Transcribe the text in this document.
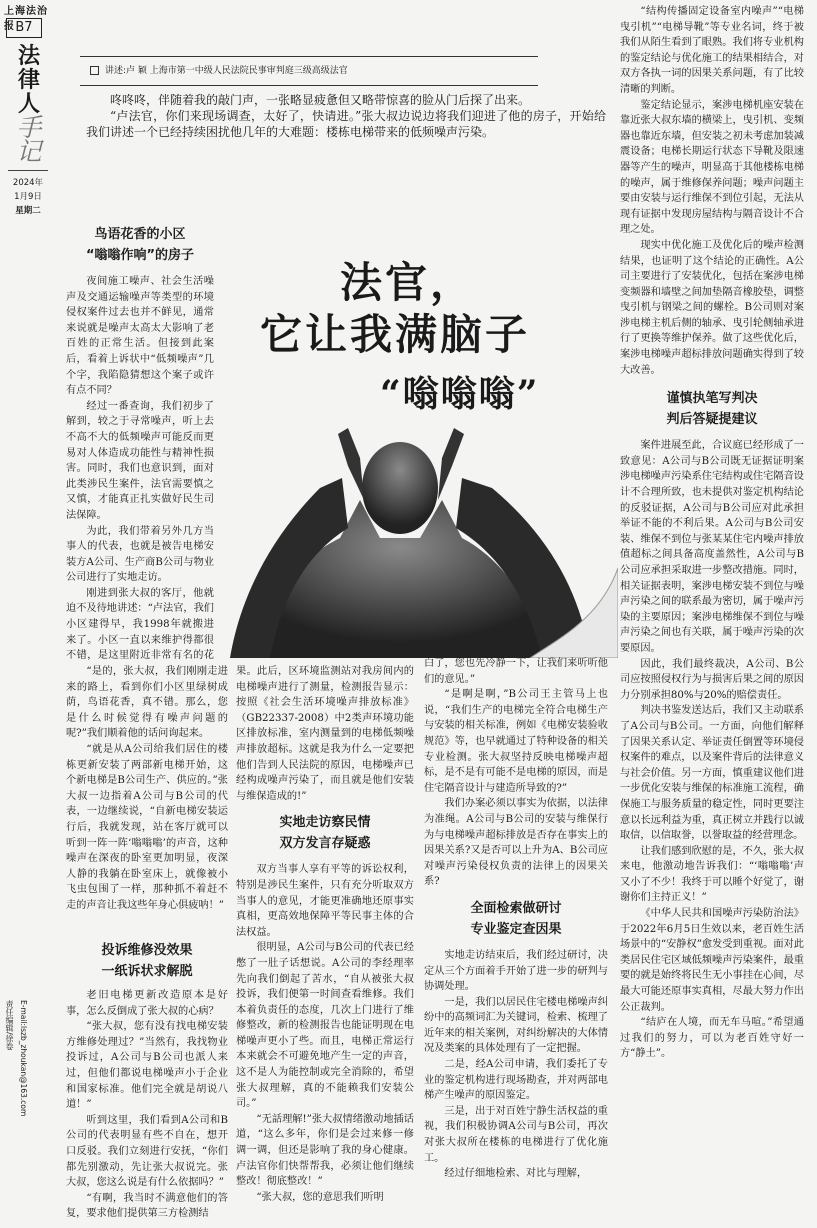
上海法治报 B7
法
律
人
手
记
2024年
1月9日
星期二
责任编辑/徐卷 E-mail:lszb_zhoukan@163.com
讲述:卢 颖 上海市第一中级人民法院民事审判庭三级高级法官

咚咚咚，伴随着我的敲门声，一张略显疲惫但又略带惊喜的脸从门后探了出来。

“卢法官，你们来现场调查，太好了，快请进。”张大叔边说边将我们迎进了他的房子，开始给我们讲述一个已经持续困扰他几年的大难题：楼栋电梯带来的低频噪声污染。

法官，
它让我满脑子
“嗡嗡嗡”

鸟语花香的小区

“嗡嗡作响”的房子

夜间施工噪声、社会生活噪声及交通运输噪声等类型的环境侵权案件过去也并不鲜见，通常来说就是噪声太高太大影响了老百姓的正常生活。但接到此案后，看着上诉状中“低频噪声”几个字，我陷隐猜想这个案子或许有点不同？

经过一番查询，我们初步了解到，较之于寻常噪声，听上去不高不大的低频噪声可能反而更易对人体造成功能性与精神性损害。同时，我们也意识到，面对此类涉民生案件，法官需要慎之又慎，才能真正扎实做好民生司法保障。

为此，我们带着另外几方当事人的代表，也就是被告电梯安装方A公司、生产商B公司与物业公司进行了实地走访。

刚进到张大叔的客厅，他就迫不及待地讲述：“卢法官，我们小区建得早，我1998年就搬进来了。小区一直以来维护得都很不错，是这里附近非常有名的花

“是的，张大叔，我们刚刚走进来的路上，看到你们小区里绿树成荫，鸟语花香，真不错。那么，您是什么时候觉得有噪声问题的呢?”我们顺着他的话问询起来。

“就是从A公司给我们居住的楼栋更新安装了两部新电梯开始，这个新电梯是B公司生产、供应的。”张大叔一边指着A公司与B公司的代表，一边继续说，“自新电梯安装运行后，我就发现，站在客厅就可以听到一阵一阵‘嗡嗡嗡’的声音，这种噪声在深夜的卧室更加明显，夜深人静的我躺在卧室床上，就像被小飞虫包围了一样，那种抓不着赶不走的声音让我这些年身心俱疲呐！”

投诉维修没效果

一纸诉状求解脱

老旧电梯更新改造原本是好事，怎么反倒成了张大叔的心病？

“张大叔，您有没有找电梯安装方维修处理过？”当然有，我找物业投诉过，A公司与B公司也派人来过，但他们都说电梯噪声小于企业和国家标准。他们完全就是胡说八道！”

听到这里，我们看到A公司和B公司的代表明显有些不自在，想开口反驳。我们立刻进行安抚，“你们都先别激动，先让张大叔说完。张大叔，您这么说是有什么依据吗？”

“有啊，我当时不满意他们的答复，要求他们提供第三方检测结

果。此后，区环境监测站对我房间内的电梯噪声进行了测量，检测报告显示：按照《社会生活环境噪声排放标准》（GB22337-2008）中2类声环境功能区排放标准，室内测量到的电梯低频噪声排放超标。这就是我为什么一定要把他们告到人民法院的原因，电梯噪声已经构成噪声污染了，而且就是他们安装与维保造成的!”

实地走访察民情

双方发言存疑惑

双方当事人享有平等的诉讼权利，特别是涉民生案件，只有充分听取双方当事人的意见，才能更准确地还原事实真相，更高效地保障平等民事主体的合法权益。

很明显，A公司与B公司的代表已经憋了一肚子话想说。A公司的李经理率先向我们倒起了苦水，“自从被张大叔投诉，我们便第一时间查看维修。我们本着负责任的态度，几次上门进行了维修整改，新的检测报告也能证明现在电梯噪声更小了些。而且，电梯正常运行本来就会不可避免地产生一定的声音，这不是人为能控制或完全消除的，希望张大叔理解，真的不能赖我们安装公司。”

“无話理解!”张大叔情绪激动地插话道，“这么多年，你们是会过来修一修调一调，但还是影响了我的身心健康。卢法官你们快帮帮我，必须让他们继续整改！彻底整改！”

“张大叔，您的意思我们听明

白了，您也先冷静一下，让我们来听听他们的意见。”

“是啊是啊，”B公司王主管马上也说，“我们生产的电梯完全符合电梯生产与安装的相关标准，例如《电梯安装验收规范》等，也早就通过了特种设备的相关专业检测。张大叔坚持反映电梯噪声超标，是不是有可能不是电梯的原因，而是住宅隔音设计与建造所导致的?”

我们办案必须以事实为依据，以法律为准绳。A公司与B公司的安装与维保行为与电梯噪声超标排放是否存在事实上的因果关系?又是否可以上升为A、B公司应对噪声污染侵权负责的法律上的因果关系?

全面检索做研讨

专业鉴定查因果

实地走访结束后，我们经过研讨，决定从三个方面着手开始了进一步的研判与协调处理。

一是，我们以居民住宅楼电梯噪声纠纷中的高频词汇为关键词，检索、梳理了近年来的相关案例，对纠纷解决的大体情况及类案的具体处理有了一定把握。

二是，经A公司申请，我们委托了专业的鉴定机构进行现场勘查，并对两部电梯产生噪声的原因鉴定。

三是，出于对百姓宁静生活权益的重视，我们积极协调A公司与B公司，再次对张大叔所在楼栋的电梯进行了优化施工。

经过仔细地检索、对比与理解，

“结构传播固定设备室内噪声”“电梯曳引机”“电梯导靴”等专业名词，终于被我们从陌生看到了眼熟。我们将专业机构的鉴定结论与优化施工的结果相结合，对双方各执一词的因果关系问题，有了比较清晰的判断。

鉴定结论显示，案涉电梯机座安装在靠近张大叔东墙的横梁上，曳引机、变频器也靠近东墙，但安装之初未考虑加装减震设备；电梯长期运行状态下导靴及限速器等产生的噪声，明显高于其他楼栋电梯的噪声，属于维修保养问题；噪声问题主要由安装与运行维保不到位引起，无法从现有证据中发现房屋结构与隔音设计不合理之处。

现实中优化施工及优化后的噪声检测结果，也证明了这个结论的正确性。A公司主要进行了安装优化，包括在案涉电梯变频器和墙壁之间加垫隔音橡胶垫，调整曳引机与钢梁之间的螺栓。B公司则对案涉电梯主机后侧的轴承、曳引轮侧轴承进行了更换等维护保养。做了这些优化后，案涉电梯噪声超标排放问题确实得到了较大改善。

谨慎执笔写判决

判后答疑提建议

案件进展至此，合议庭已经形成了一致意见：A公司与B公司既无证据证明案涉电梯噪声污染系住宅结构或住宅隔音设计不合理所致，也未提供对鉴定机构结论的反驳证据，A公司与B公司应对此承担举证不能的不利后果。A公司与B公司安装、维保不到位与张某某住宅内噪声排放值超标之间具备高度盖然性，A公司与B公司应承担采取进一步整改措施。同时，相关证据表明，案涉电梯安装不到位与噪声污染之间的联系最为密切，属于噪声污染的主要原因；案涉电梯维保不到位与噪声污染之间也有关联，属于噪声污染的次要原因。

因此，我们最终裁决，A公司、B公司应按照侵权行为与损害后果之间的原因力分别承担80%与20%的赔偿责任。

判决书鉴发送达后，我们又主动联系了A公司与B公司。一方面，向他们解释了因果关系认定、举证责任倒置等环境侵权案件的难点，以及案件背后的法律意义与社会价值。另一方面，慎重建议他们进一步优化安装与维保的标准施工流程，确保施工与服务质量的稳定性，同时更要注意以长远利益为重，真正树立并践行以诚取信，以信取誉，以誉取益的经营理念。

让我们感到欣慰的是，不久，张大叔来电，他激动地告诉我们：“‘嗡嗡嗡’声又小了不少！我终于可以睡个好觉了，谢谢你们主持正义！”

《中华人民共和国噪声污染防治法》于2022年6月5日生效以来，老百姓生活场景中的“安静权”愈发受到重视。面对此类居民住宅区域低频噪声污染案件，最重要的就是始终将民生无小事挂在心间，尽最大可能还原事实真相，尽最大努力作出公正裁判。

“结庐在人境，而无车马喧。”希望通过我们的努力，可以为老百姓守好一方“静土”。
